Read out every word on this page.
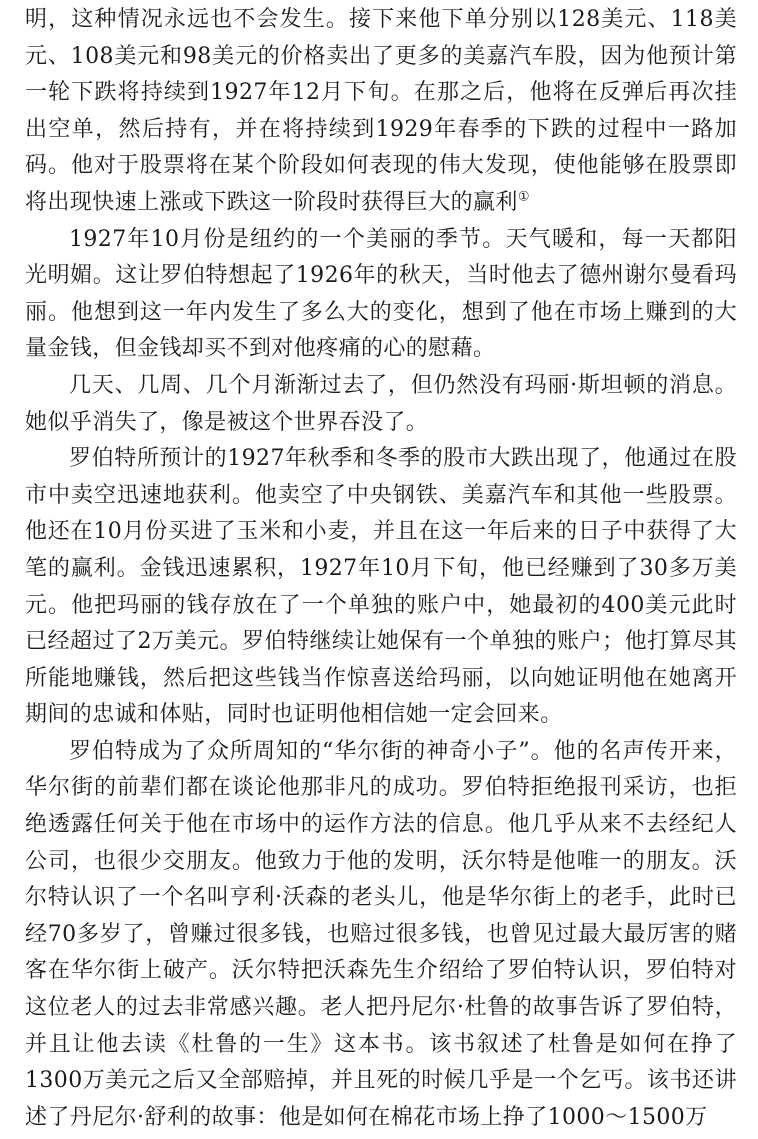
明，这种情况永远也不会发生。接下来他下单分别以128美元、118美元、108美元和98美元的价格卖出了更多的美嘉汽车股，因为他预计第一轮下跌将持续到1927年12月下旬。在那之后，他将在反弹后再次挂出空单，然后持有，并在将持续到1929年春季的下跌的过程中一路加码。他对于股票将在某个阶段如何表现的伟大发现，使他能够在股票即将出现快速上涨或下跌这一阶段时获得巨大的赢利①

1927年10月份是纽约的一个美丽的季节。天气暖和，每一天都阳光明媚。这让罗伯特想起了1926年的秋天，当时他去了德州谢尔曼看玛丽。他想到这一年内发生了多么大的变化，想到了他在市场上赚到的大量金钱，但金钱却买不到对他疼痛的心的慰藉。

几天、几周、几个月渐渐过去了，但仍然没有玛丽·斯坦顿的消息。她似乎消失了，像是被这个世界吞没了。

罗伯特所预计的1927年秋季和冬季的股市大跌出现了，他通过在股市中卖空迅速地获利。他卖空了中央钢铁、美嘉汽车和其他一些股票。他还在10月份买进了玉米和小麦，并且在这一年后来的日子中获得了大笔的赢利。金钱迅速累积，1927年10月下旬，他已经赚到了30多万美元。他把玛丽的钱存放在了一个单独的账户中，她最初的400美元此时已经超过了2万美元。罗伯特继续让她保有一个单独的账户；他打算尽其所能地赚钱，然后把这些钱当作惊喜送给玛丽，以向她证明他在她离开期间的忠诚和体贴，同时也证明他相信她一定会回来。

罗伯特成为了众所周知的“华尔街的神奇小子”。他的名声传开来，华尔街的前辈们都在谈论他那非凡的成功。罗伯特拒绝报刊采访，也拒绝透露任何关于他在市场中的运作方法的信息。他几乎从来不去经纪人公司，也很少交朋友。他致力于他的发明，沃尔特是他唯一的朋友。沃尔特认识了一个名叫亨利·沃森的老头儿，他是华尔街上的老手，此时已经70多岁了，曾赚过很多钱，也赔过很多钱，也曾见过最大最厉害的赌客在华尔街上破产。沃尔特把沃森先生介绍给了罗伯特认识，罗伯特对这位老人的过去非常感兴趣。老人把丹尼尔·杜鲁的故事告诉了罗伯特，并且让他去读《杜鲁的一生》这本书。该书叙述了杜鲁是如何在挣了1300万美元之后又全部赔掉，并且死的时候几乎是一个乞丐。该书还讲述了丹尼尔·舒利的故事：他是如何在棉花市场上挣了1000～1500万
